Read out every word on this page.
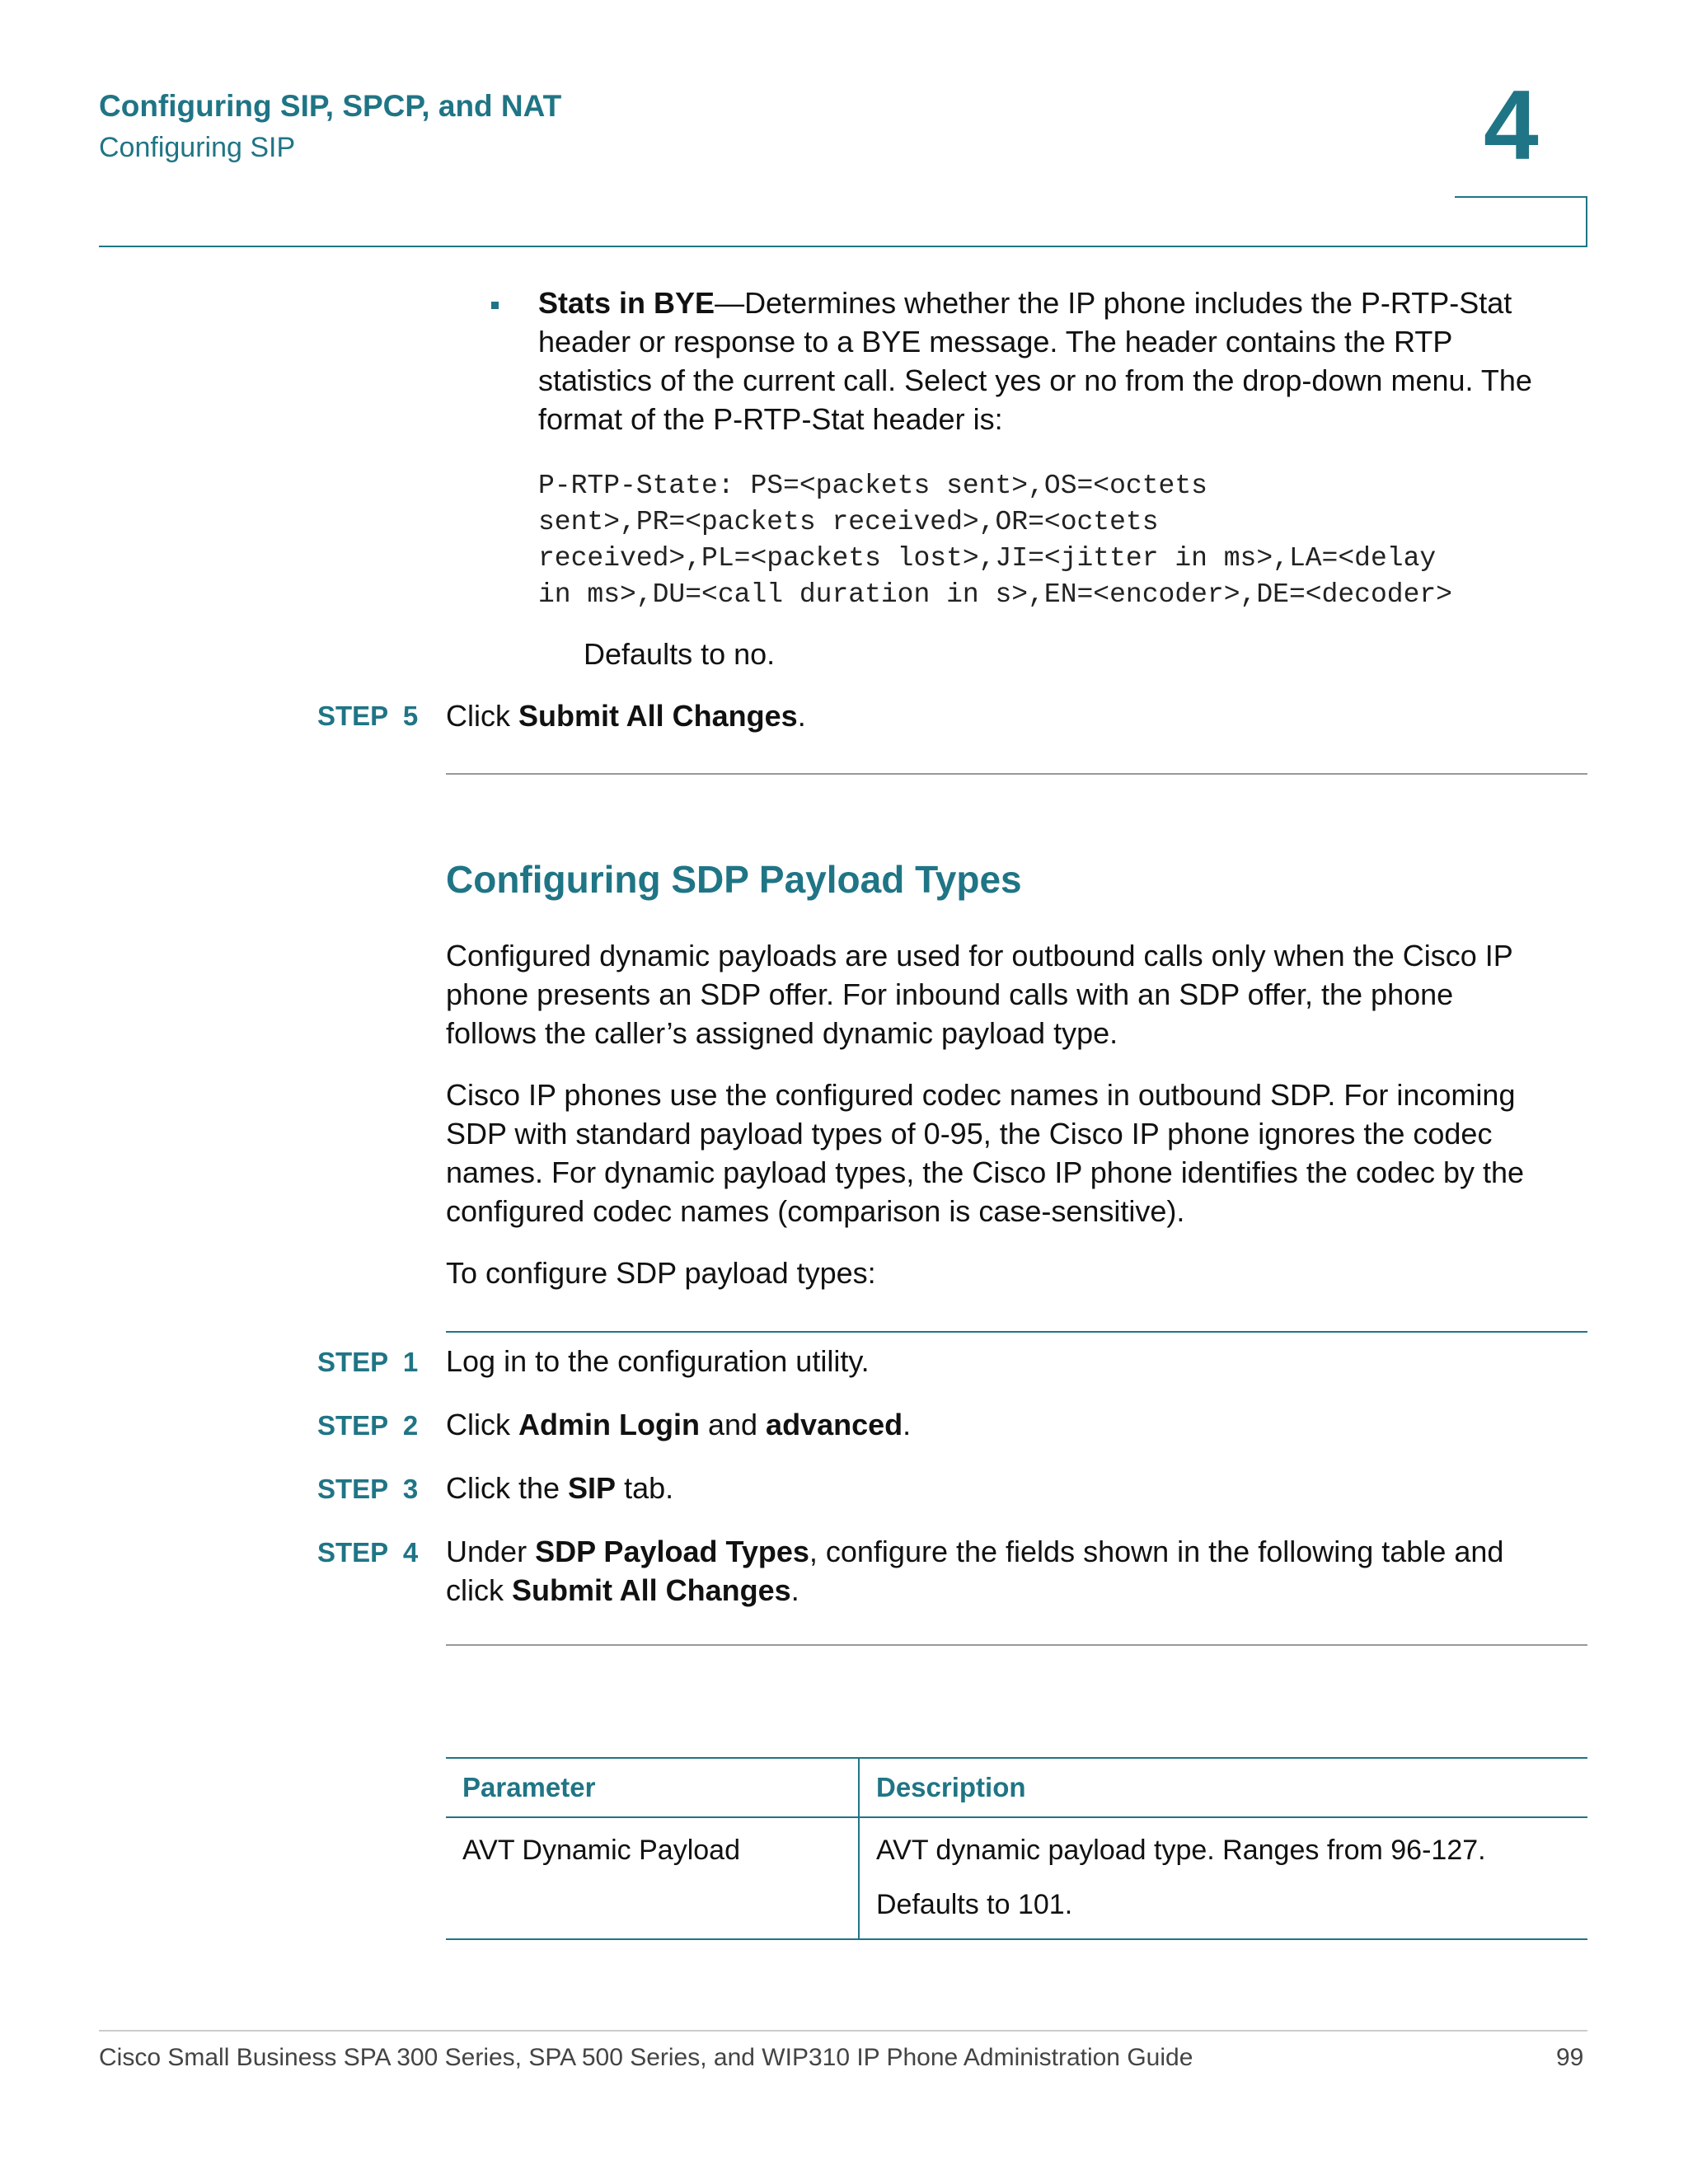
Configuring SIP, SPCP, and NAT
Configuring SIP	4
Stats in BYE—Determines whether the IP phone includes the P-RTP-Stat
header or response to a BYE message. The header contains the RTP
statistics of the current call. Select yes or no from the drop-down menu. The
format of the P-RTP-Stat header is:
P-RTP-State: PS=<packets sent>,OS=<octets
sent>,PR=<packets received>,OR=<octets
received>,PL=<packets lost>,JI=<jitter in ms>,LA=<delay
in ms>,DU=<call duration in s>,EN=<encoder>,DE=<decoder>
Defaults to no.
STEP  5 Click Submit All Changes.
Configuring SDP Payload Types
Configured dynamic payloads are used for outbound calls only when the Cisco IP
phone presents an SDP offer. For inbound calls with an SDP offer, the phone
follows the caller’s assigned dynamic payload type.
Cisco IP phones use the configured codec names in outbound SDP. For incoming
SDP with standard payload types of 0-95, the Cisco IP phone ignores the codec
names. For dynamic payload types, the Cisco IP phone identifies the codec by the
configured codec names (comparison is case-sensitive).
To configure SDP payload types:
STEP  1 Log in to the configuration utility.
STEP  2 Click Admin Login and advanced.
STEP  3 Click the SIP tab.
STEP  4 Under SDP Payload Types, configure the fields shown in the following table and
click Submit All Changes.
Parameter	Description
AVT Dynamic Payload	AVT dynamic payload type. Ranges from 96-127.

Defaults to 101.

Cisco Small Business SPA 300 Series, SPA 500 Series, and WIP310 IP Phone Administration Guide	99
